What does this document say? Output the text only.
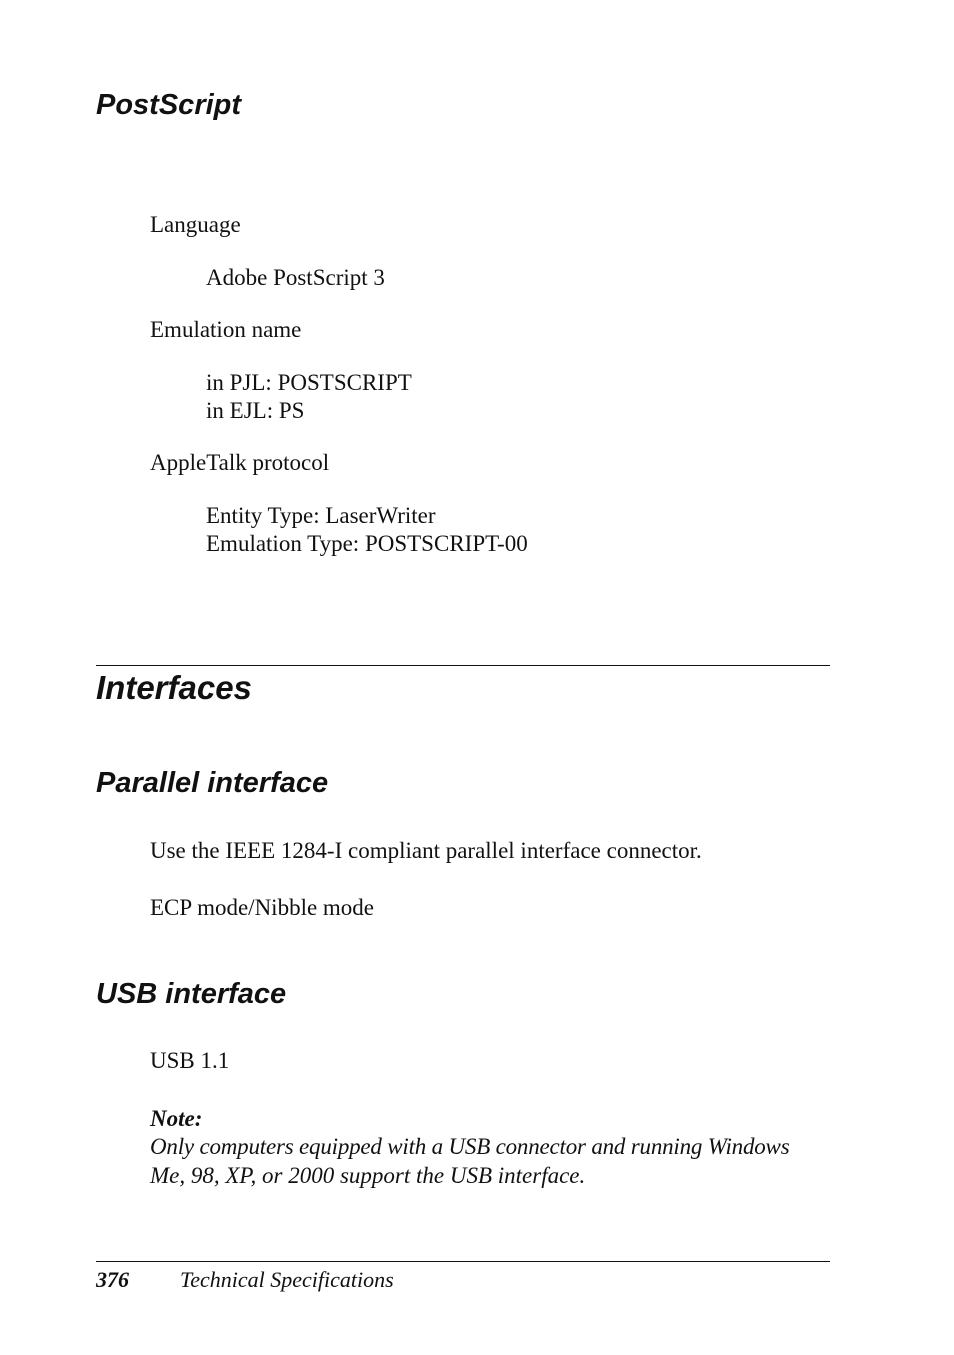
PostScript

Language

Adobe PostScript 3

Emulation name

in PJL: POSTSCRIPT

in EJL: PS

AppleTalk protocol

Entity Type: LaserWriter

Emulation Type: POSTSCRIPT-00

Interfaces
Parallel interface

Use the IEEE 1284-I compliant parallel interface connector.

ECP mode/Nibble mode

USB interface

USB 1.1

Note:

Only computers equipped with a USB connector and running Windows

Me, 98, XP, or 2000 support the USB interface.

376 Technical Specifications
